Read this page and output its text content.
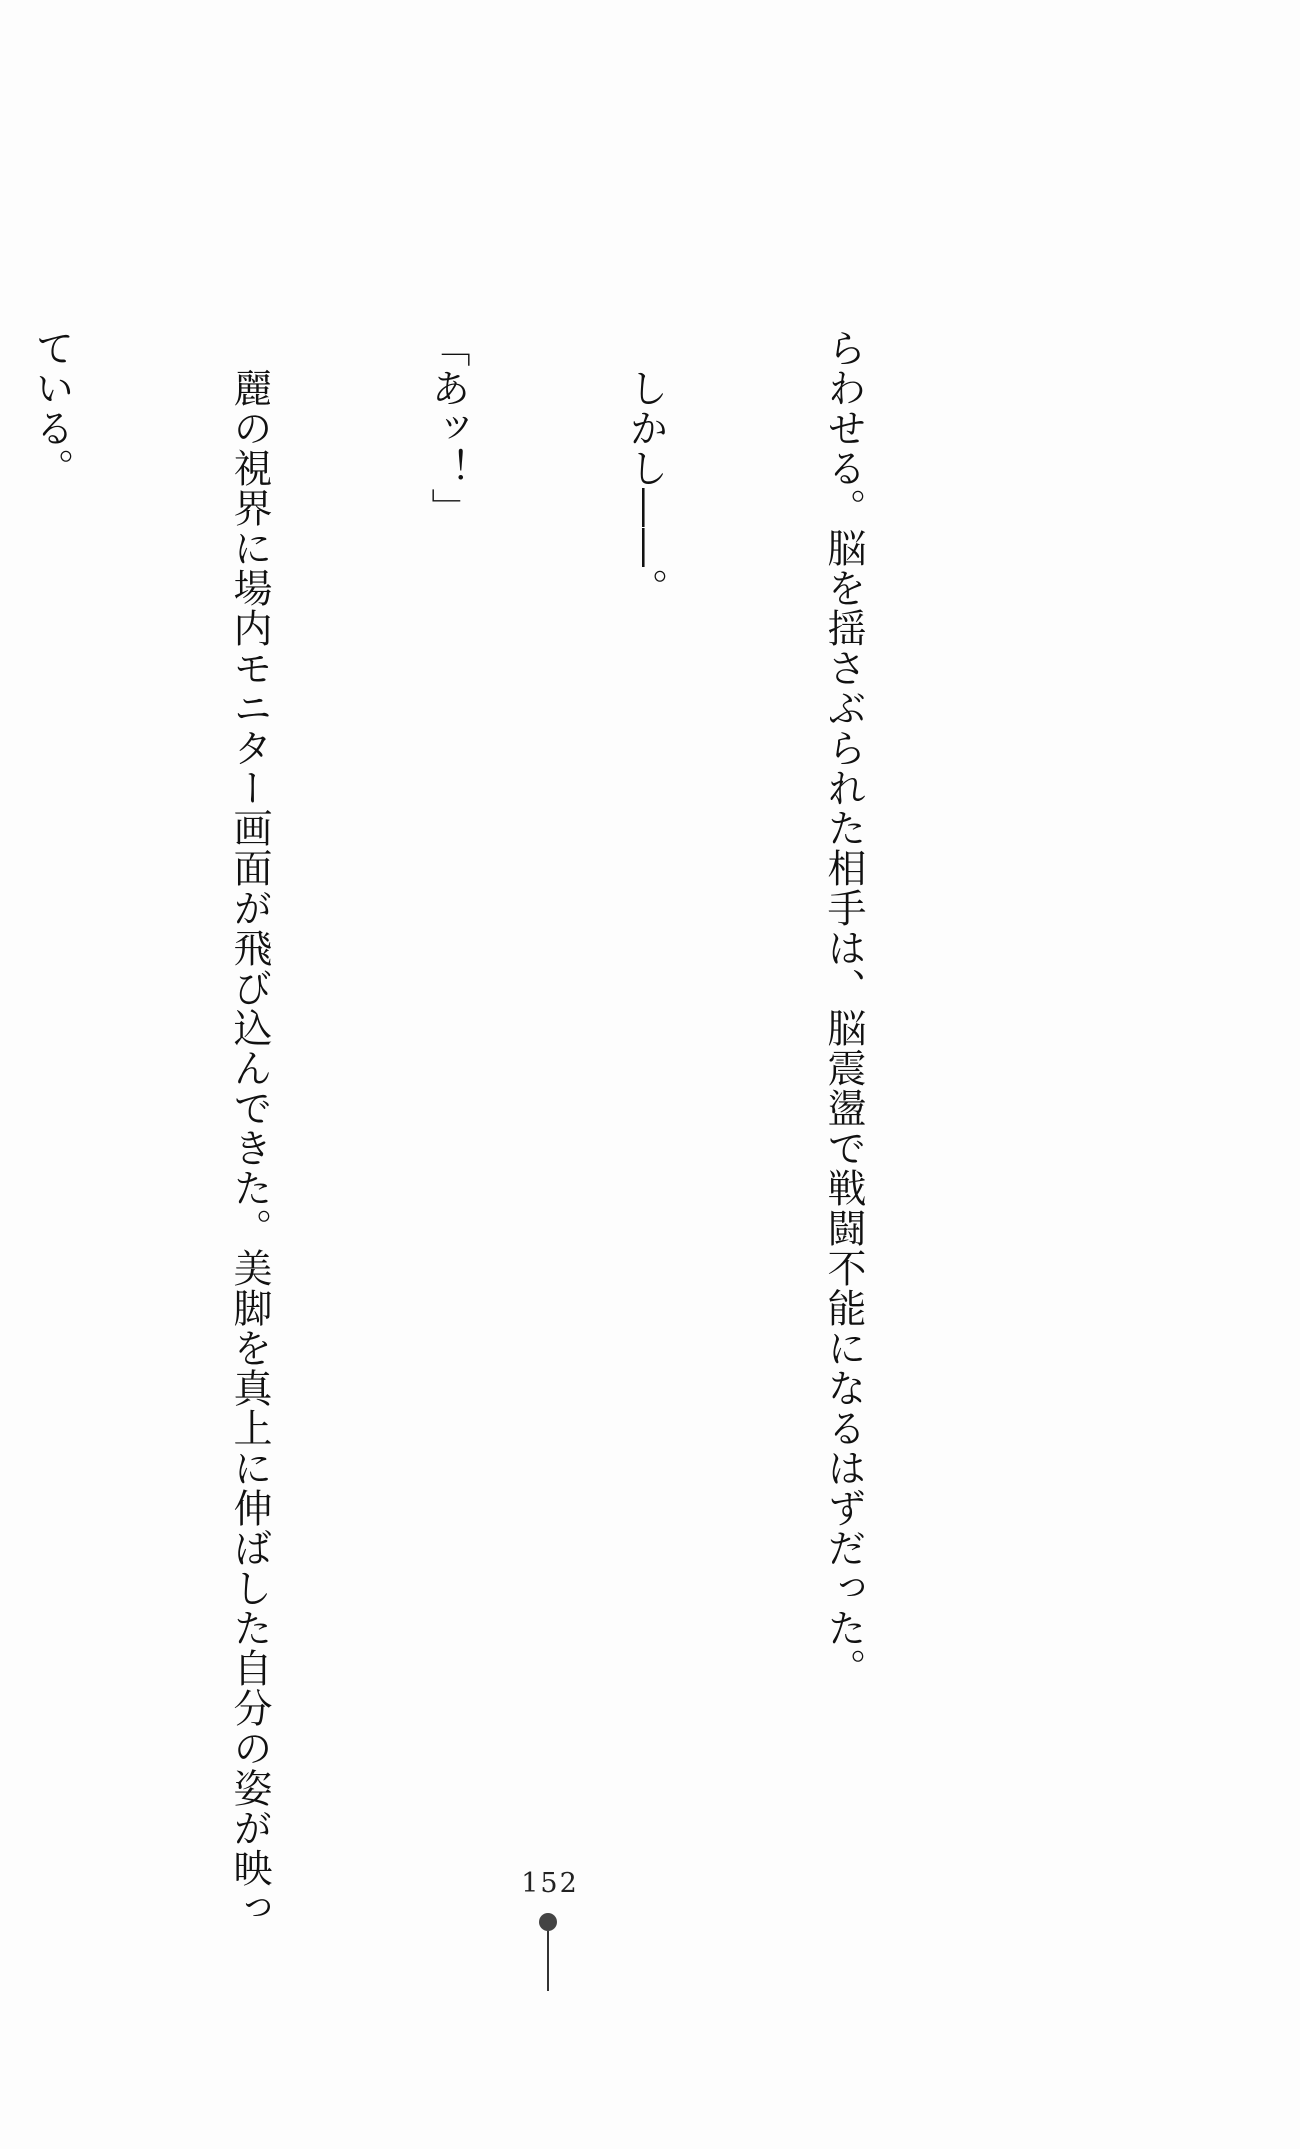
らわせる。脳を揺さぶられた相手は、脳震盪で戦闘不能になるはずだった。

　しかし――。

「あッ！」

　麗の視界に場内モニター画面が飛び込んできた。美脚を真上に伸ばした自分の姿が映っ

ている。

152
